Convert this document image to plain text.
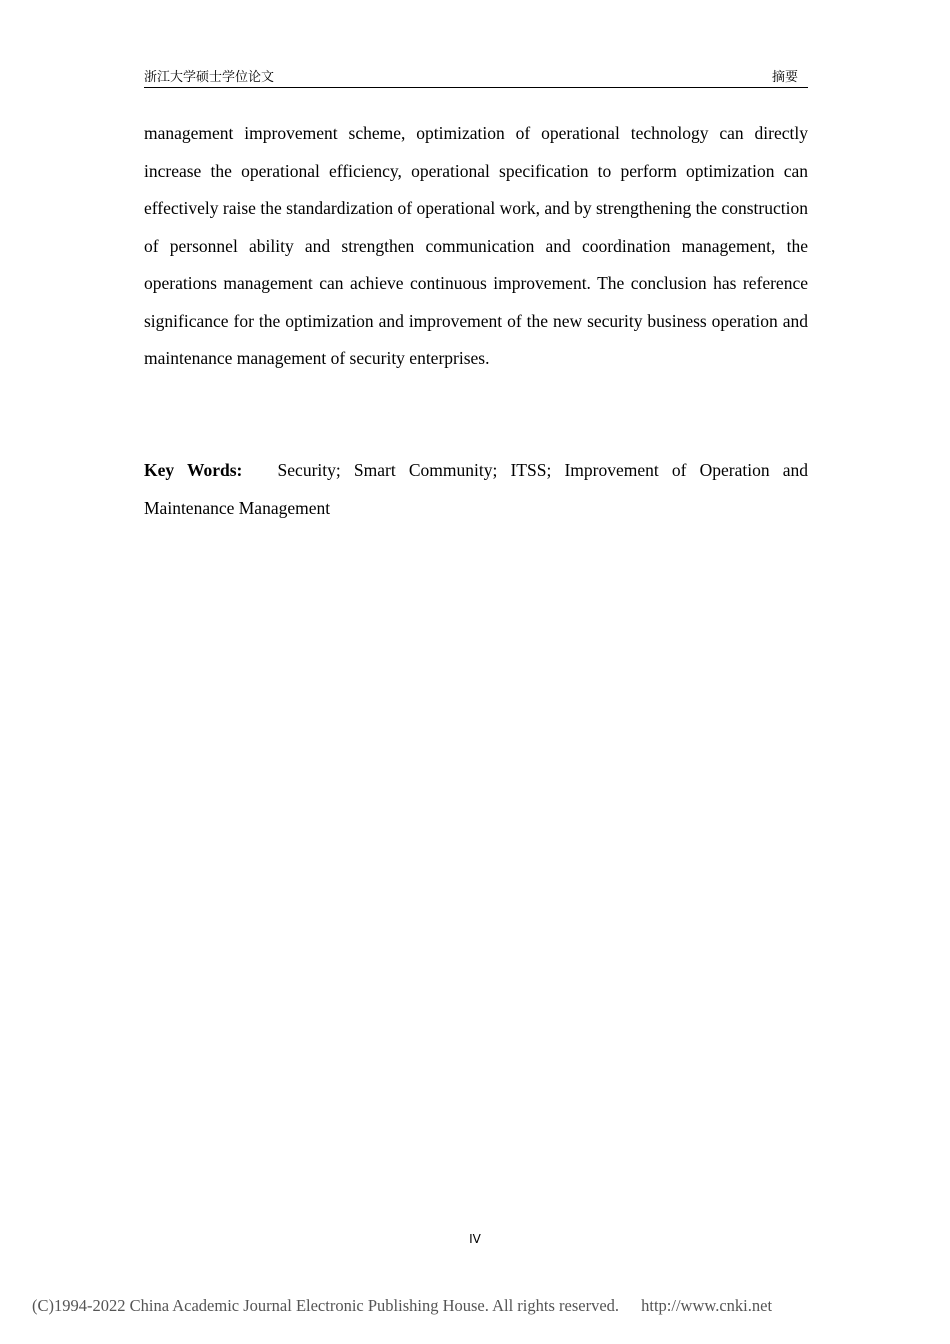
浙江大学硕士学位论文	摘要

management improvement scheme, optimization of operational technology can directly increase the operational efficiency, operational specification to perform optimization can effectively raise the standardization of operational work, and by strengthening the construction of personnel ability and strengthen communication and coordination management, the operations management can achieve continuous improvement. The conclusion has reference significance for the optimization and improvement of the new security business operation and maintenance management of security enterprises.

Key Words: Security; Smart Community; ITSS; Improvement of Operation and Maintenance Management

IV
(C)1994-2022 China Academic Journal Electronic Publishing House. All rights reserved. http://www.cnki.net
